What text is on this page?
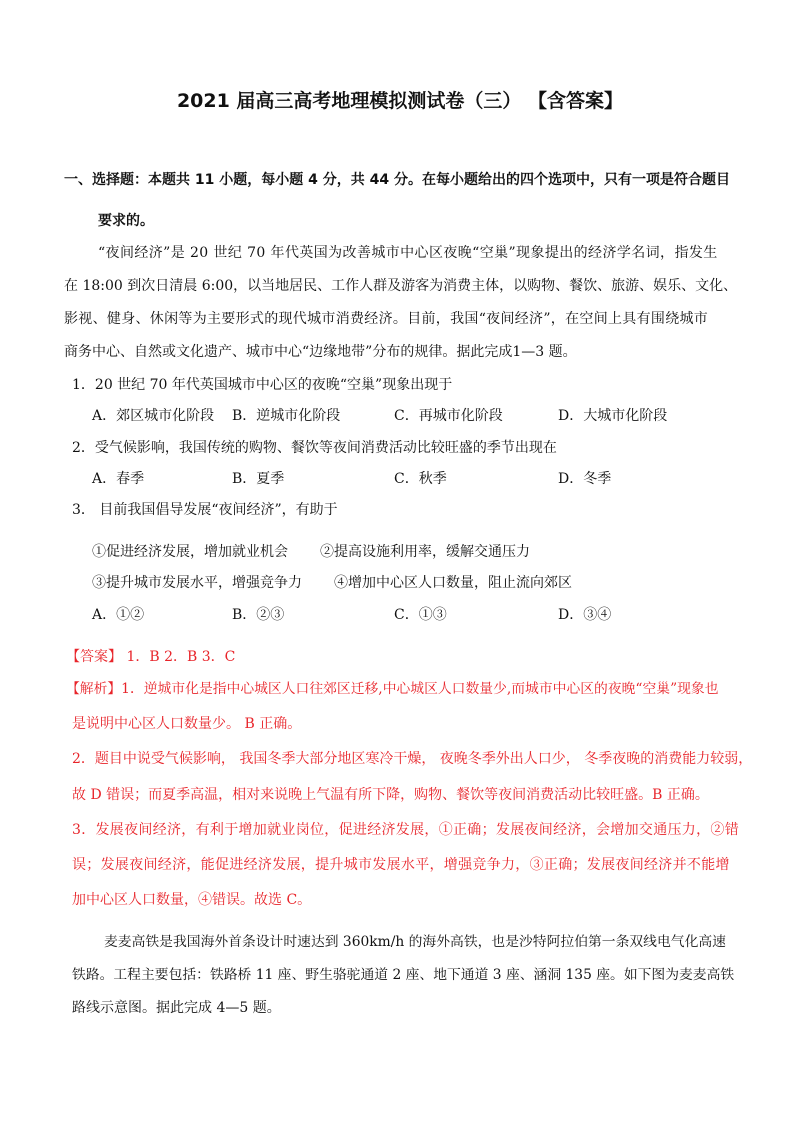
2021 届高三高考地理模拟测试卷（三） 【含答案】
一、选择题：本题共 11 小题，每小题 4 分，共 44 分。在每小题给出的四个选项中，只有一项是符合题目
要求的。
“夜间经济”是 20 世纪 70 年代英国为改善城市中心区夜晚“空巢”现象提出的经济学名词，指发生
在 18:00 到次日清晨 6:00，以当地居民、工作人群及游客为消费主体，以购物、餐饮、旅游、娱乐、文化、
影视、健身、休闲等为主要形式的现代城市消费经济。目前，我国“夜间经济”，在空间上具有围绕城市
商务中心、自然或文化遗产、城市中心“边缘地带”分布的规律。据此完成1—3 题。
1．20 世纪 70 年代英国城市中心区的夜晚“空巢”现象出现于
A．郊区城市化阶段 B．逆城市化阶段	C．再城市化阶段	D．大城市化阶段
2．受气候影响，我国传统的购物、餐饮等夜间消费活动比较旺盛的季节出现在
A．春季	B．夏季	C．秋季	D．冬季
3． 目前我国倡导发展“夜间经济”，有助于
①促进经济发展，增加就业机会 ②提高设施利用率，缓解交通压力
③提升城市发展水平，增强竞争力 ④增加中心区人口数量，阻止流向郊区
A．①②	B．②③	C．①③	D．③④
【答案】 1．B 2．B 3．C
【解析】1．逆城市化是指中心城区人口往郊区迁移,中心城区人口数量少,而城市中心区的夜晚“空巢”现象也
是说明中心区人口数量少。 B 正确。
2．题目中说受气候影响， 我国冬季大部分地区寒冷干燥， 夜晚冬季外出人口少， 冬季夜晚的消费能力较弱，
故 D 错误；而夏季高温，相对来说晚上气温有所下降，购物、餐饮等夜间消费活动比较旺盛。B 正确。
3．发展夜间经济，有利于增加就业岗位，促进经济发展，①正确；发展夜间经济，会增加交通压力，②错
误；发展夜间经济，能促进经济发展，提升城市发展水平，增强竞争力，③正确；发展夜间经济并不能增
加中心区人口数量，④错误。故选 C。
麦麦高铁是我国海外首条设计时速达到 360km/h 的海外高铁，也是沙特阿拉伯第一条双线电气化高速
铁路。工程主要包括：铁路桥 11 座、野生骆驼通道 2 座、地下通道 3 座、涵洞 135 座。如下图为麦麦高铁
路线示意图。据此完成 4—5 题。
